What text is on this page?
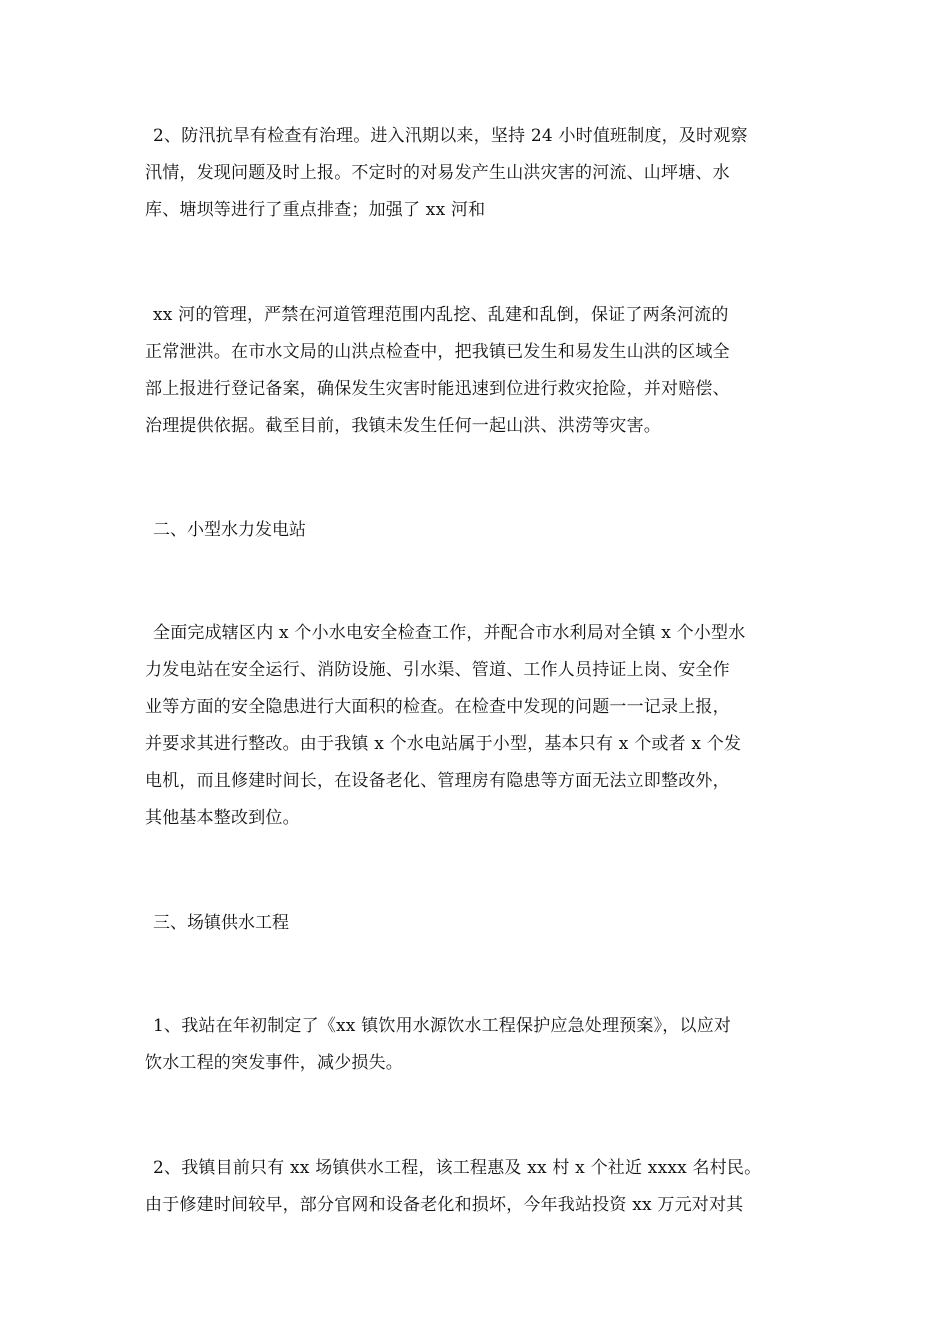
2、防汛抗旱有检查有治理。进入汛期以来，坚持 24 小时值班制度，及时观察
汛情，发现问题及时上报。不定时的对易发产生山洪灾害的河流、山坪塘、水
库、塘坝等进行了重点排查；加强了 xx 河和
xx 河的管理，严禁在河道管理范围内乱挖、乱建和乱倒，保证了两条河流的
正常泄洪。在市水文局的山洪点检查中，把我镇已发生和易发生山洪的区域全
部上报进行登记备案，确保发生灾害时能迅速到位进行救灾抢险，并对赔偿、
治理提供依据。截至目前，我镇未发生任何一起山洪、洪涝等灾害。
二、小型水力发电站
全面完成辖区内 x 个小水电安全检查工作，并配合市水利局对全镇 x 个小型水
力发电站在安全运行、消防设施、引水渠、管道、工作人员持证上岗、安全作
业等方面的安全隐患进行大面积的检查。在检查中发现的问题一一记录上报，
并要求其进行整改。由于我镇 x 个水电站属于小型，基本只有 x 个或者 x 个发
电机，而且修建时间长，在设备老化、管理房有隐患等方面无法立即整改外，
其他基本整改到位。
三、场镇供水工程
1、我站在年初制定了《xx 镇饮用水源饮水工程保护应急处理预案》，以应对
饮水工程的突发事件，减少损失。
2、我镇目前只有 xx 场镇供水工程，该工程惠及 xx 村 x 个社近 xxxx 名村民。
由于修建时间较早，部分官网和设备老化和损坏，今年我站投资 xx 万元对对其
